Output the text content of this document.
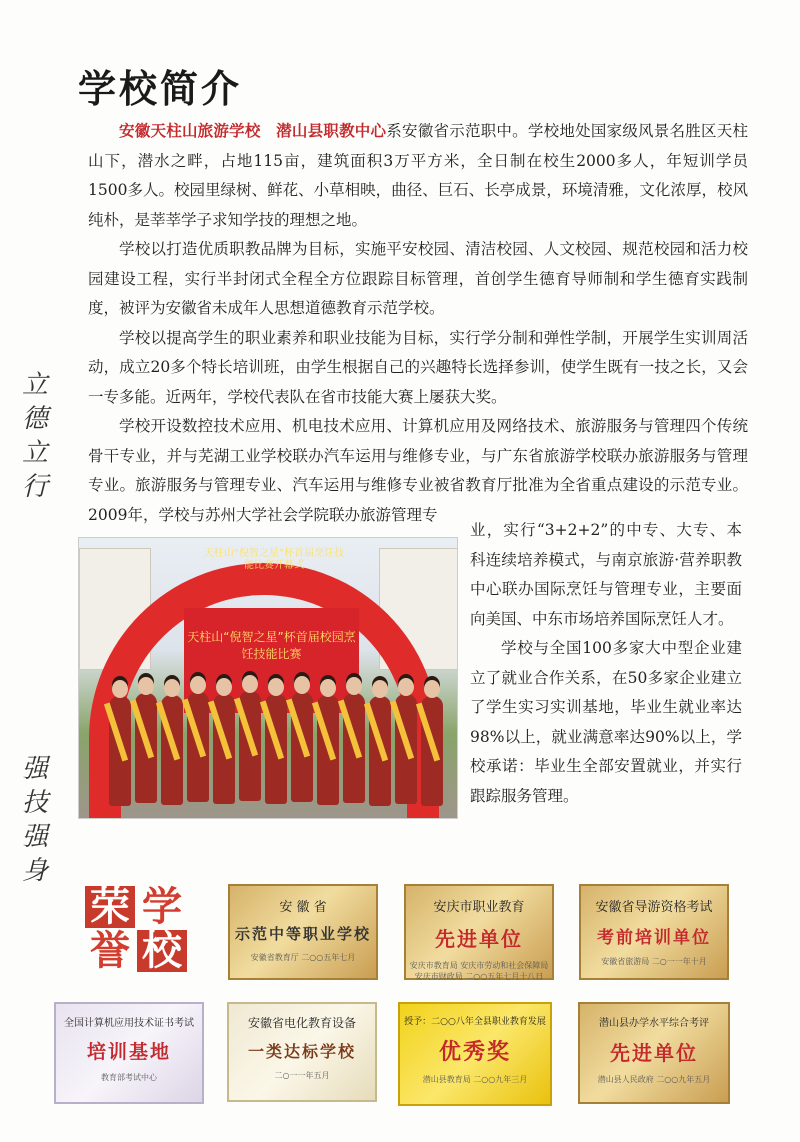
学校简介

安徽天柱山旅游学校 潜山县职教中心系安徽省示范职中。学校地处国家级风景名胜区天柱山下，潜水之畔，占地115亩，建筑面积3万平方米，全日制在校生2000多人，年短训学员1500多人。校园里绿树、鲜花、小草相映，曲径、巨石、长亭成景，环境清雅，文化浓厚，校风纯朴，是莘莘学子求知学技的理想之地。

学校以打造优质职教品牌为目标，实施平安校园、清洁校园、人文校园、规范校园和活力校园建设工程，实行半封闭式全程全方位跟踪目标管理，首创学生德育导师制和学生德育实践制度，被评为安徽省未成年人思想道德教育示范学校。

学校以提高学生的职业素养和职业技能为目标，实行学分制和弹性学制，开展学生实训周活动，成立20多个特长培训班，由学生根据自己的兴趣特长选择参训，使学生既有一技之长，又会一专多能。近两年，学校代表队在省市技能大赛上屡获大奖。

学校开设数控技术应用、机电技术应用、计算机应用及网络技术、旅游服务与管理四个传统骨干专业，并与芜湖工业学校联办汽车运用与维修专业，与广东省旅游学校联办旅游服务与管理专业。旅游服务与管理专业、汽车运用与维修专业被省教育厅批准为全省重点建设的示范专业。2009年，学校与苏州大学社会学院联办旅游管理专

立德立行
强技强身
天柱山“倪智之星”杯首届烹饪技能比赛开幕式
天柱山“倪智之星”杯首届校园烹饪技能比赛

业，实行“3+2+2”的中专、大专、本科连续培养模式，与南京旅游·营养职教中心联办国际烹饪与管理专业，主要面向美国、中东市场培养国际烹饪人才。

学校与全国100多家大中型企业建立了就业合作关系，在50多家企业建立了学生实习实训基地，毕业生就业率达98%以上，就业满意率达90%以上，学校承诺：毕业生全部安置就业，并实行跟踪服务管理。

荣 学
誉 校
安 徽 省
示范中等职业学校
安徽省教育厅 二○○五年七月
安庆市职业教育
先进单位
安庆市教育局 安庆市劳动和社会保障局 安庆市财政局 二○○五年七月十八日
安徽省导游资格考试
考前培训单位
安徽省旅游局 二○一一年十月
全国计算机应用技术证书考试
培训基地
教育部考试中心
安徽省电化教育设备
一类达标学校
二○一一年五月
授予：二○○八年全县职业教育发展
优秀奖
潜山县教育局 二○○九年三月
潜山县办学水平综合考评
先进单位
潜山县人民政府 二○○九年五月
